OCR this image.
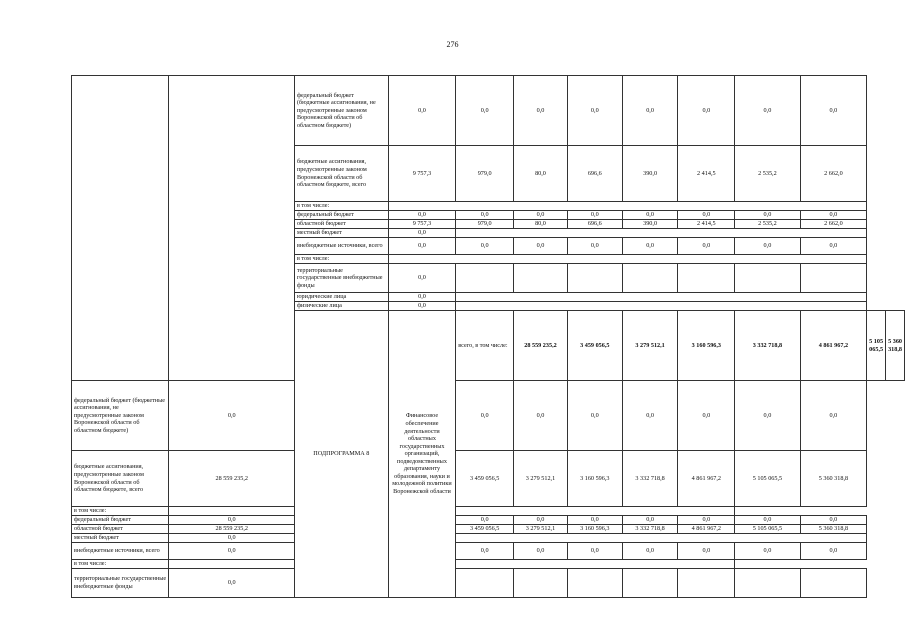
276
		федеральный бюджет (бюджетные ассигнования, не предусмотренные законом Воронежской области об областном бюджете)	0,0	0,0	0,0	0,0	0,0	0,0	0,0	0,0		
		бюджетные ассигнования, предусмотренные законом Воронежской области об областном бюджете, всего	9 757,3	979,0	80,0	696,6	390,0	2 414,5	2 535,2	2 662,0		
		в том числе:										
		федеральный бюджет	0,0	0,0	0,0	0,0	0,0	0,0	0,0	0,0		
		областной бюджет	9 757,3	979,0	80,0	696,6	390,0	2 414,5	2 535,2	2 662,0		
		местный бюджет	0,0									
		внебюджетные источники, всего	0,0	0,0	0,0	0,0	0,0	0,0	0,0	0,0		
		в том числе:										
		территориальные государственные внебюджетные фонды	0,0									
		юридические лица	0,0									
		физические лица	0,0									
		ПОДПРОГРАММА 8	Финансовое обеспечение деятельности областных государственных организаций, подведомственных департаменту образования, науки и молодежной политики Воронежской области	всего, в том числе:	28 559 235,2	3 459 056,5	3 279 512,1	3 160 596,3	3 332 718,8	4 861 967,2	5 105 065,5	5 360 318,8
федеральный бюджет (бюджетные ассигнования, не предусмотренные законом Воронежской области об областном бюджете)	0,0			0,0	0,0	0,0	0,0	0,0	0,0	0,0		
бюджетные ассигнования, предусмотренные законом Воронежской области об областном бюджете, всего	28 559 235,2			3 459 056,5	3 279 512,1	3 160 596,3	3 332 718,8	4 861 967,2	5 105 065,5	5 360 318,8		
в том числе:												
федеральный бюджет	0,0			0,0	0,0	0,0	0,0	0,0	0,0	0,0		
областной бюджет	28 559 235,2			3 459 056,5	3 279 512,1	3 160 596,3	3 332 718,8	4 861 967,2	5 105 065,5	5 360 318,8		
местный бюджет	0,0											
внебюджетные источники, всего	0,0			0,0	0,0	0,0	0,0	0,0	0,0	0,0		
в том числе:												
территориальные государственные внебюджетные фонды	0,0											
